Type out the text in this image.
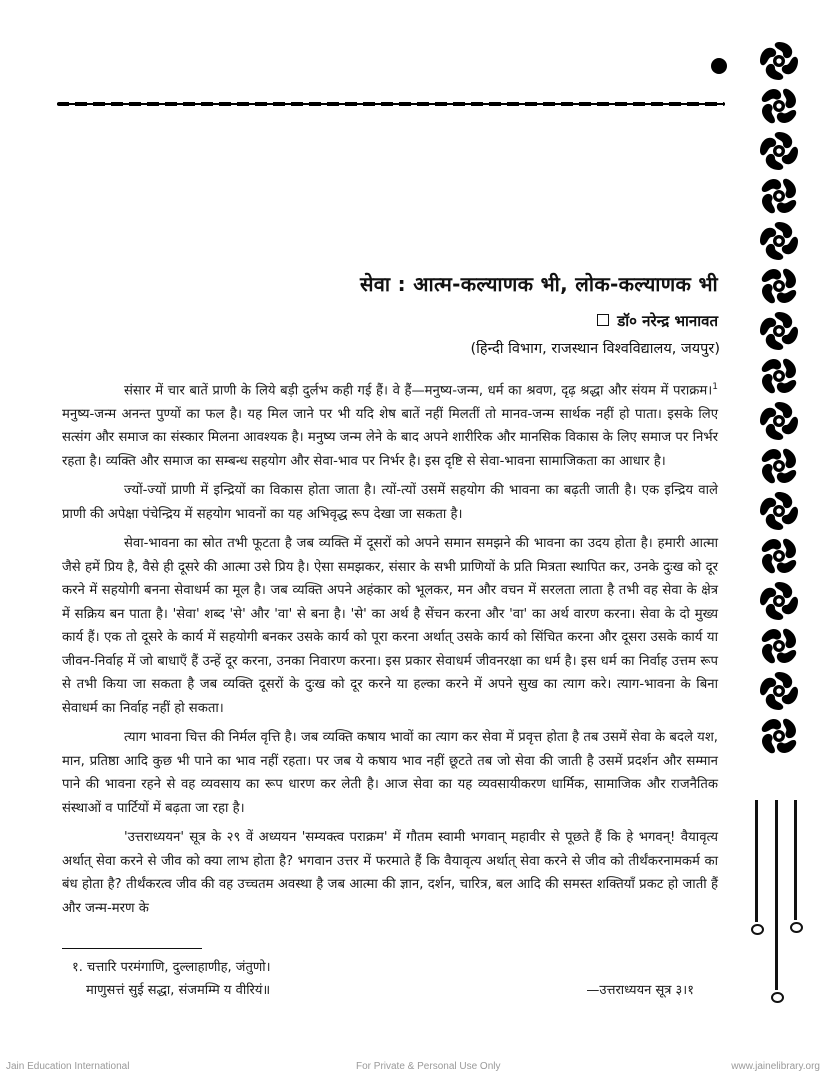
सेवा : आत्म-कल्याणक भी, लोक-कल्याणक भी
डॉ० नरेन्द्र भानावत
(हिन्दी विभाग, राजस्थान विश्वविद्यालय, जयपुर)

संसार में चार बातें प्राणी के लिये बड़ी दुर्लभ कही गई हैं। वे हैं—मनुष्य-जन्म, धर्म का श्रवण, दृढ़ श्रद्धा और संयम में पराक्रम।$^1$ मनुष्य-जन्म अनन्त पुण्यों का फल है। यह मिल जाने पर भी यदि शेष बातें नहीं मिलतीं तो मानव-जन्म सार्थक नहीं हो पाता। इसके लिए सत्संग और समाज का संस्कार मिलना आवश्यक है। मनुष्य जन्म लेने के बाद अपने शारीरिक और मानसिक विकास के लिए समाज पर निर्भर रहता है। व्यक्ति और समाज का सम्बन्ध सहयोग और सेवा-भाव पर निर्भर है। इस दृष्टि से सेवा-भावना सामाजिकता का आधार है।

ज्यों-ज्यों प्राणी में इन्द्रियों का विकास होता जाता है। त्यों-त्यों उसमें सहयोग की भावना का बढ़ती जाती है। एक इन्द्रिय वाले प्राणी की अपेक्षा पंचेन्द्रिय में सहयोग भावनों का यह अभिवृद्ध रूप देखा जा सकता है।

सेवा-भावना का स्रोत तभी फूटता है जब व्यक्ति में दूसरों को अपने समान समझने की भावना का उदय होता है। हमारी आत्मा जैसे हमें प्रिय है, वैसे ही दूसरे की आत्मा उसे प्रिय है। ऐसा समझकर, संसार के सभी प्राणियों के प्रति मित्रता स्थापित कर, उनके दुःख को दूर करने में सहयोगी बनना सेवाधर्म का मूल है। जब व्यक्ति अपने अहंकार को भूलकर, मन और वचन में सरलता लाता है तभी वह सेवा के क्षेत्र में सक्रिय बन पाता है। 'सेवा' शब्द 'से' और 'वा' से बना है। 'से' का अर्थ है सेंचन करना और 'वा' का अर्थ वारण करना। सेवा के दो मुख्य कार्य हैं। एक तो दूसरे के कार्य में सहयोगी बनकर उसके कार्य को पूरा करना अर्थात् उसके कार्य को सिंचित करना और दूसरा उसके कार्य या जीवन-निर्वाह में जो बाधाएँ हैं उन्हें दूर करना, उनका निवारण करना। इस प्रकार सेवाधर्म जीवनरक्षा का धर्म है। इस धर्म का निर्वाह उत्तम रूप से तभी किया जा सकता है जब व्यक्ति दूसरों के दुःख को दूर करने या हल्का करने में अपने सुख का त्याग करे। त्याग-भावना के बिना सेवाधर्म का निर्वाह नहीं हो सकता।

त्याग भावना चित्त की निर्मल वृत्ति है। जब व्यक्ति कषाय भावों का त्याग कर सेवा में प्रवृत्त होता है तब उसमें सेवा के बदले यश, मान, प्रतिष्ठा आदि कुछ भी पाने का भाव नहीं रहता। पर जब ये कषाय भाव नहीं छूटते तब जो सेवा की जाती है उसमें प्रदर्शन और सम्मान पाने की भावना रहने से वह व्यवसाय का रूप धारण कर लेती है। आज सेवा का यह व्यवसायीकरण धार्मिक, सामाजिक और राजनैतिक संस्थाओं व पार्टियों में बढ़ता जा रहा है।

'उत्तराध्ययन' सूत्र के २९ वें अध्ययन 'सम्यक्त्व पराक्रम' में गौतम स्वामी भगवान् महावीर से पूछते हैं कि हे भगवन्! वैयावृत्य अर्थात् सेवा करने से जीव को क्या लाभ होता है? भगवान उत्तर में फरमाते हैं कि वैयावृत्य अर्थात् सेवा करने से जीव को तीर्थंकरनामकर्म का बंध होता है? तीर्थंकरत्व जीव की वह उच्चतम अवस्था है जब आत्मा की ज्ञान, दर्शन, चारित्र, बल आदि की समस्त शक्तियाँ प्रकट हो जाती हैं और जन्म-मरण के

१. चत्तारि परमंगाणि, दुल्लाहाणीह, जंतुणो।
माणुसत्तं सुई सद्धा, संजमम्मि य वीरियं॥	—उत्तराध्ययन सूत्र ३।१
Jain Education International	For Private & Personal Use Only	www.jainelibrary.org
